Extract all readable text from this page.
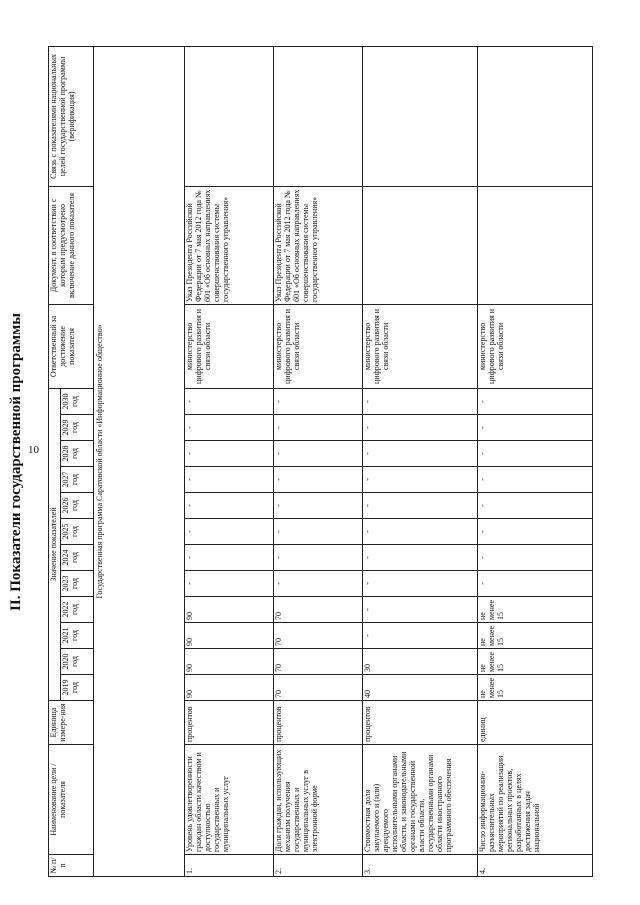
10
II. Показатели государственной программы
№ п/п	Наименование цели / показателя	Единица измере-ния	Значение показателей												Ответственный за достижение показателя	Документ, в соответствии с которым предусмотрено включение данного показателя	Связь с показателями национальных целей государственной программы (верификация)
			2019 год	2020 год	2021 год	2022 год	2023 год	2024 год	2025 год	2026 год	2027 год	2028 год	2029 год	2030 год			
Государственная программа Саратовской области «Информационное общество»																	
1.	Уровень удовлетворенности граждан области качеством и доступностью государственных и муниципальных услуг	процентов	90	90	90	90	-	-	-	-	-	-	-	-	министерство цифрового развития и связи области	Указ Президента Российской Федерации от 7 мая 2012 года № 601 «Об основных направлениях совершенствования системы государственного управления»	
2.	Доля граждан, использующих механизм получения государственных и муниципальных услуг в электронной форме	процентов	70	70	70	70	-	-	-	-	-	-	-	-	министерство цифрового развития и связи области	Указ Президента Российской Федерации от 7 мая 2012 года № 601 «Об основных направлениях совершенствования системы государственного управления»	
3.	Стоимостная доля закупаемого и (или) арендуемого исполнительными органами области, и законодательными органами государственной власти области, государственными органами области иностранного программного обеспечения	процентов	40	30	-	-	-	-	-	-	-	-	-	-	министерство цифрового развития и связи области		
4.	Число информационно-разъяснительных мероприятий по реализации региональных проектов, разработанных в целях достижения задач национальной	единиц	не менее 15	не менее 15	не менее 15	не менее 15	-	-	-	-	-	-	-	-	министерство цифрового развития и связи области		
